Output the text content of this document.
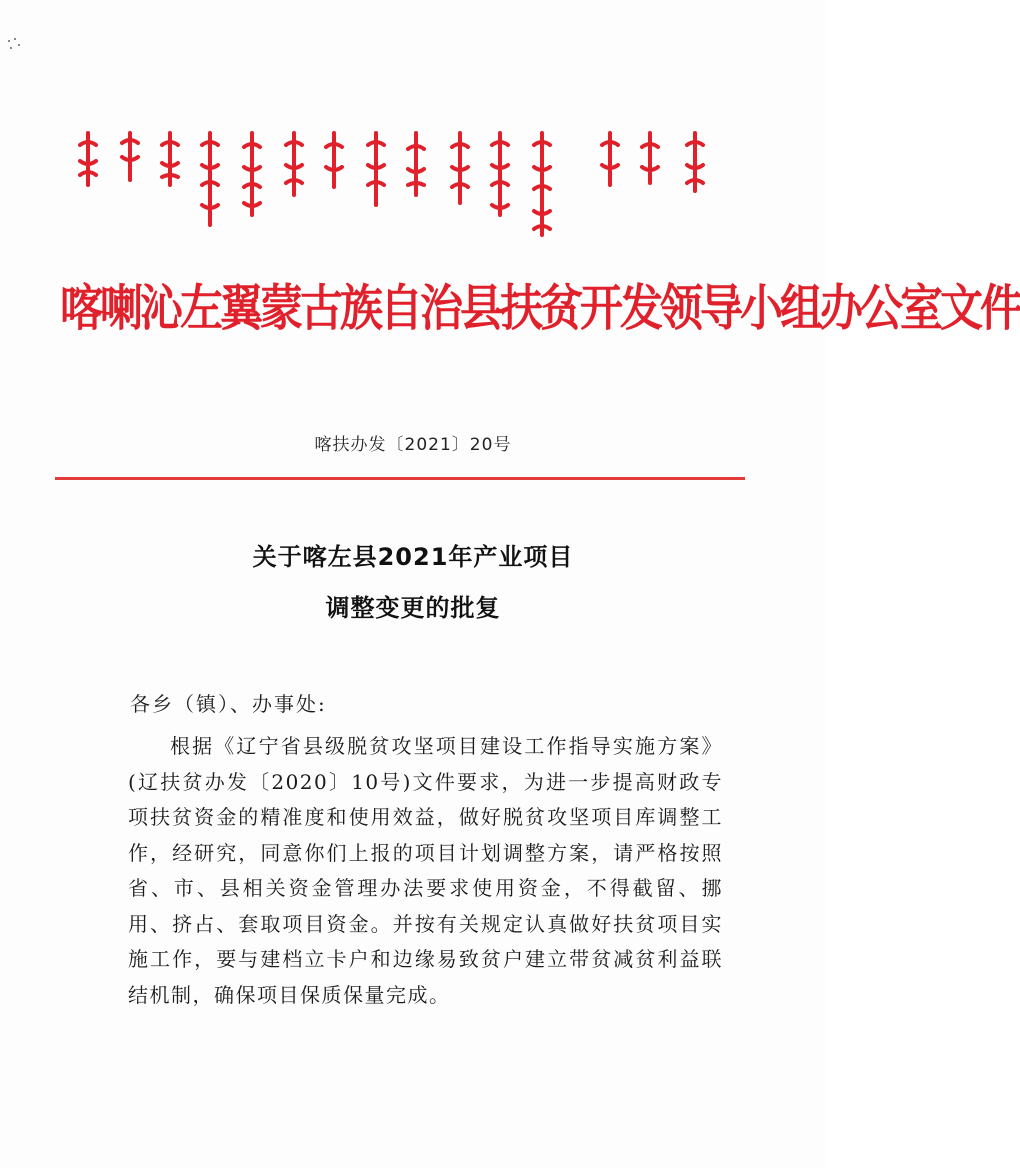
喀喇沁左翼蒙古族自治县扶贫开发领导小组办公室文件
喀扶办发〔2021〕20号
关于喀左县2021年产业项目
调整变更的批复
各乡（镇）、办事处:

根据《辽宁省县级脱贫攻坚项目建设工作指导实施方案》(辽扶贫办发〔2020〕10号)文件要求，为进一步提高财政专项扶贫资金的精准度和使用效益，做好脱贫攻坚项目库调整工作，经研究，同意你们上报的项目计划调整方案，请严格按照省、市、县相关资金管理办法要求使用资金，不得截留、挪用、挤占、套取项目资金。并按有关规定认真做好扶贫项目实施工作，要与建档立卡户和边缘易致贫户建立带贫减贫利益联结机制，确保项目保质保量完成。
